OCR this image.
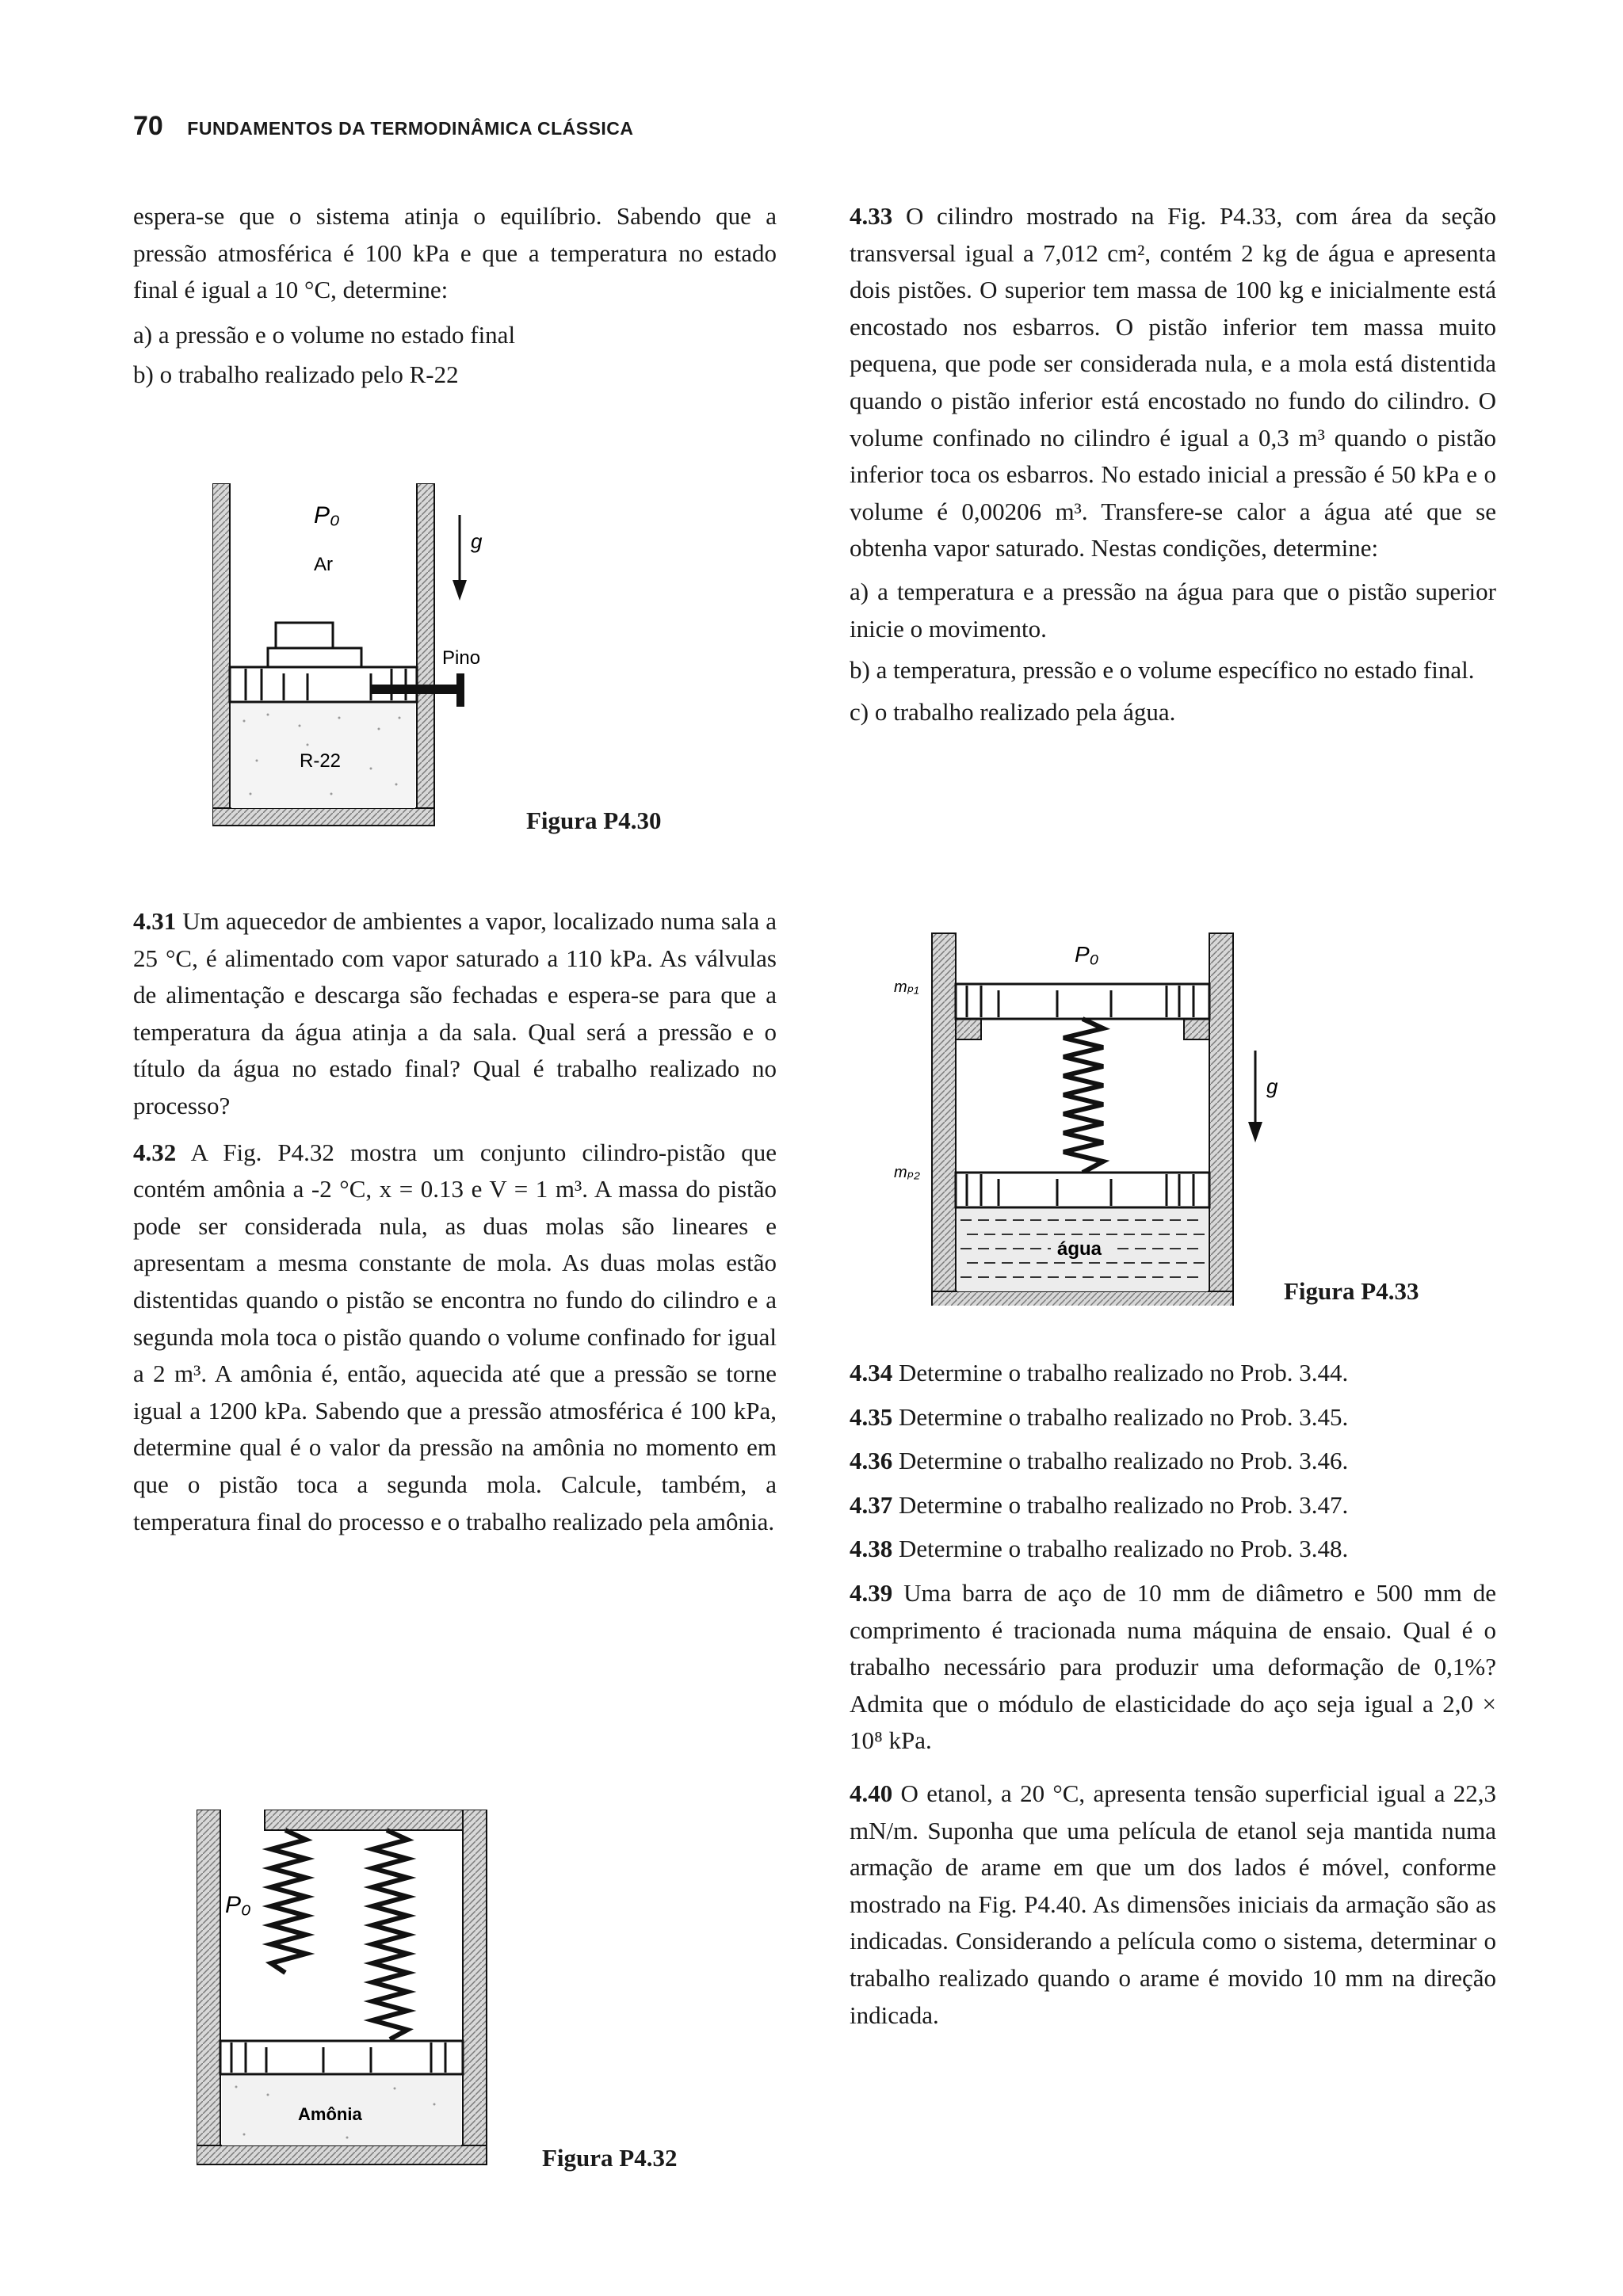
70 FUNDAMENTOS DA TERMODINÂMICA CLÁSSICA

espera-se que o sistema atinja o equilíbrio. Sabendo que a pressão atmosférica é 100 kPa e que a temperatura no estado final é igual a 10 °C, determine:

a) a pressão e o volume no estado final

b) o trabalho realizado pelo R-22

P₀
Ar
R-22
Pino
g
Figura P4.30

4.31 Um aquecedor de ambientes a vapor, localizado numa sala a 25 °C, é alimentado com vapor saturado a 110 kPa. As válvulas de alimentação e descarga são fechadas e espera-se para que a temperatura da água atinja a da sala. Qual será a pressão e o título da água no estado final? Qual é trabalho realizado no processo?

4.32 A Fig. P4.32 mostra um conjunto cilindro-pistão que contém amônia a -2 °C, x = 0.13 e V = 1 m³. A massa do pistão pode ser considerada nula, as duas molas são lineares e apresentam a mesma constante de mola. As duas molas estão distentidas quando o pistão se encontra no fundo do cilindro e a segunda mola toca o pistão quando o volume confinado for igual a 2 m³. A amônia é, então, aquecida até que a pressão se torne igual a 1200 kPa. Sabendo que a pressão atmosférica é 100 kPa, determine qual é o valor da pressão na amônia no momento em que o pistão toca a segunda mola. Calcule, também, a temperatura final do processo e o trabalho realizado pela amônia.

P₀
Amônia
Figura P4.32

4.33 O cilindro mostrado na Fig. P4.33, com área da seção transversal igual a 7,012 cm², contém 2 kg de água e apresenta dois pistões. O superior tem massa de 100 kg e inicialmente está encostado nos esbarros. O pistão inferior tem massa muito pequena, que pode ser considerada nula, e a mola está distentida quando o pistão inferior está encostado no fundo do cilindro. O volume confinado no cilindro é igual a 0,3 m³ quando o pistão inferior toca os esbarros. No estado inicial a pressão é 50 kPa e o volume é 0,00206 m³. Transfere-se calor a água até que se obtenha vapor saturado. Nestas condições, determine:

a) a temperatura e a pressão na água para que o pistão superior inicie o movimento.

b) a temperatura, pressão e o volume específico no estado final.

c) o trabalho realizado pela água.

água
P₀
mₚ₁
mₚ₂
g
Figura P4.33

4.34 Determine o trabalho realizado no Prob. 3.44.

4.35 Determine o trabalho realizado no Prob. 3.45.

4.36 Determine o trabalho realizado no Prob. 3.46.

4.37 Determine o trabalho realizado no Prob. 3.47.

4.38 Determine o trabalho realizado no Prob. 3.48.

4.39 Uma barra de aço de 10 mm de diâmetro e 500 mm de comprimento é tracionada numa máquina de ensaio. Qual é o trabalho necessário para produzir uma deformação de 0,1%? Admita que o módulo de elasticidade do aço seja igual a 2,0 × 10⁸ kPa.

4.40 O etanol, a 20 °C, apresenta tensão superficial igual a 22,3 mN/m. Suponha que uma película de etanol seja mantida numa armação de arame em que um dos lados é móvel, conforme mostrado na Fig. P4.40. As dimensões iniciais da armação são as indicadas. Considerando a película como o sistema, determinar o trabalho realizado quando o arame é movido 10 mm na direção indicada.
